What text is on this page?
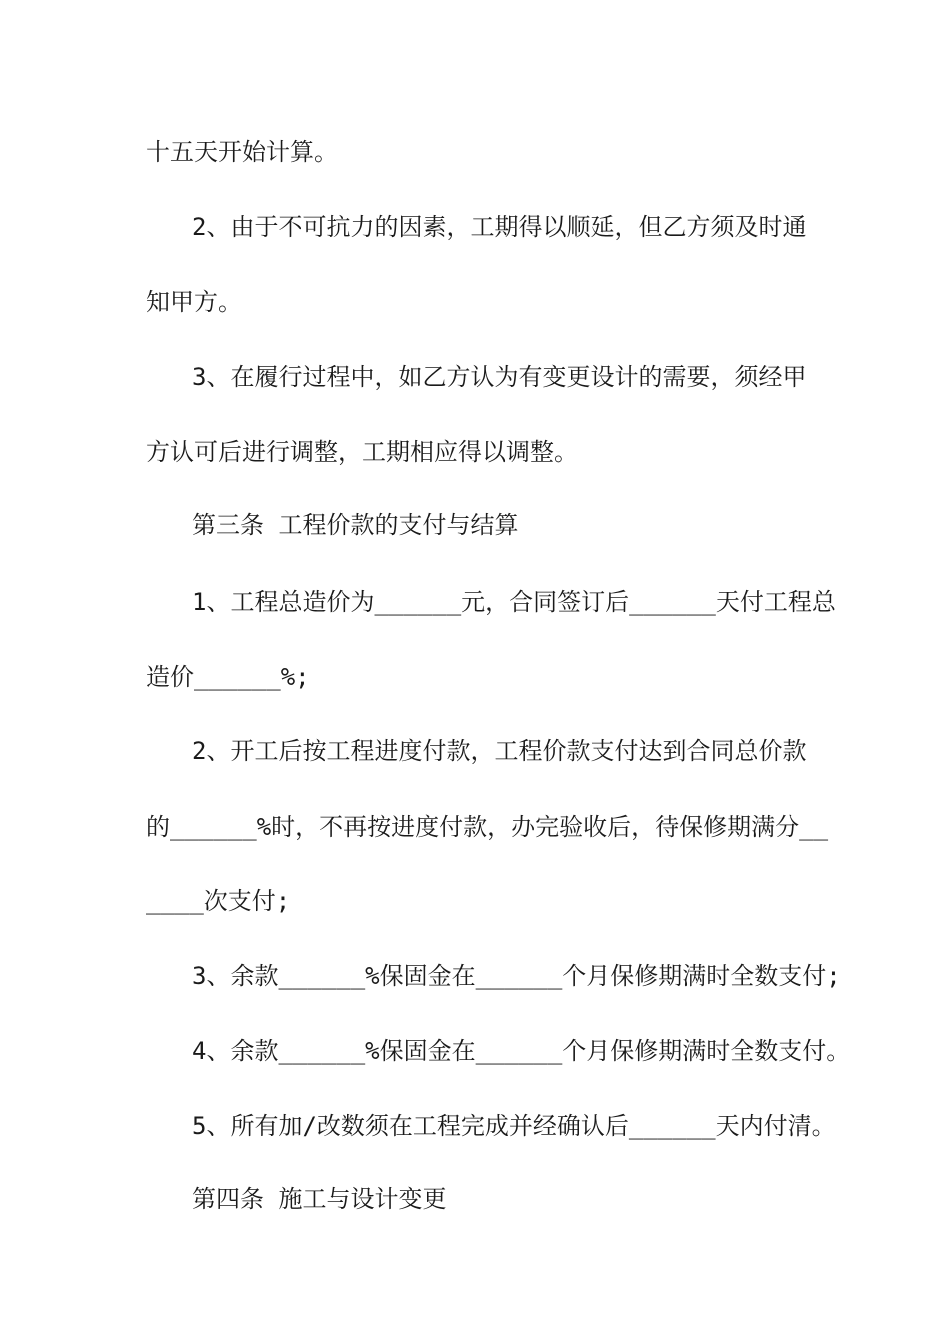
十五天开始计算。
2、由于不可抗力的因素，工期得以顺延，但乙方须及时通
知甲方。
3、在履行过程中，如乙方认为有变更设计的需要，须经甲
方认可后进行调整，工期相应得以调整。
第三条 工程价款的支付与结算
1、工程总造价为______元，合同签订后______天付工程总
造价______%;
2、开工后按工程进度付款，工程价款支付达到合同总价款
的______%时，不再按进度付款，办完验收后，待保修期满分__
____次支付;
3、余款______%保固金在______个月保修期满时全数支付;
4、余款______%保固金在______个月保修期满时全数支付。
5、所有加/改数须在工程完成并经确认后______天内付清。
第四条 施工与设计变更
